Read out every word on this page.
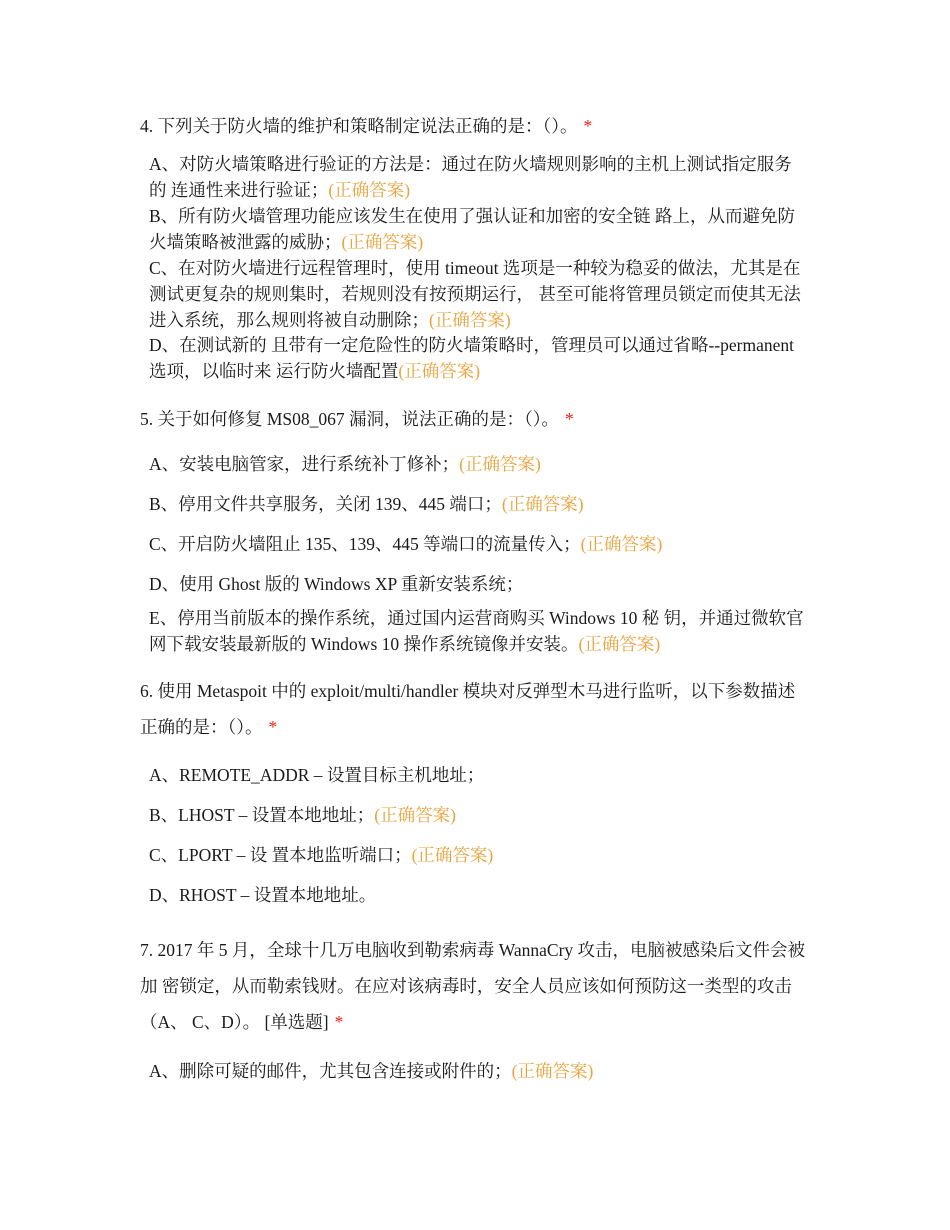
4. 下列关于防火墙的维护和策略制定说法正确的是：（）。 *
A、对防火墙策略进行验证的方法是：通过在防火墙规则影响的主机上测试指定服务的 连通性来进行验证；(正确答案)
B、所有防火墙管理功能应该发生在使用了强认证和加密的安全链 路上，从而避免防火墙策略被泄露的威胁；(正确答案)
C、在对防火墙进行远程管理时，使用 timeout 选项是一种较为稳妥的做法，尤其是在测试更复杂的规则集时，若规则没有按预期运行， 甚至可能将管理员锁定而使其无法进入系统，那么规则将被自动删除；(正确答案)
D、在测试新的 且带有一定危险性的防火墙策略时，管理员可以通过省略--permanent 选项，以临时来 运行防火墙配置(正确答案)
5. 关于如何修复 MS08_067 漏洞，说法正确的是：（）。 *
A、安装电脑管家，进行系统补丁修补；(正确答案)
B、停用文件共享服务，关闭 139、445 端口；(正确答案)
C、开启防火墙阻止 135、139、445 等端口的流量传入；(正确答案)
D、使用 Ghost 版的 Windows XP 重新安装系统；
E、停用当前版本的操作系统，通过国内运营商购买 Windows 10 秘 钥，并通过微软官网下载安装最新版的 Windows 10 操作系统镜像并安装。(正确答案)
6. 使用 Metaspoit 中的 exploit/multi/handler 模块对反弹型木马进行监听，以下参数描述 正确的是：（）。 *
A、REMOTE_ADDR – 设置目标主机地址；
B、LHOST – 设置本地地址；(正确答案)
C、LPORT – 设 置本地监听端口；(正确答案)
D、RHOST – 设置本地地址。
7. 2017 年 5 月，全球十几万电脑收到勒索病毒 WannaCry 攻击，电脑被感染后文件会被加 密锁定，从而勒索钱财。在应对该病毒时，安全人员应该如何预防这一类型的攻击（A、 C、D）。 [单选题] *
A、删除可疑的邮件，尤其包含连接或附件的；(正确答案)
